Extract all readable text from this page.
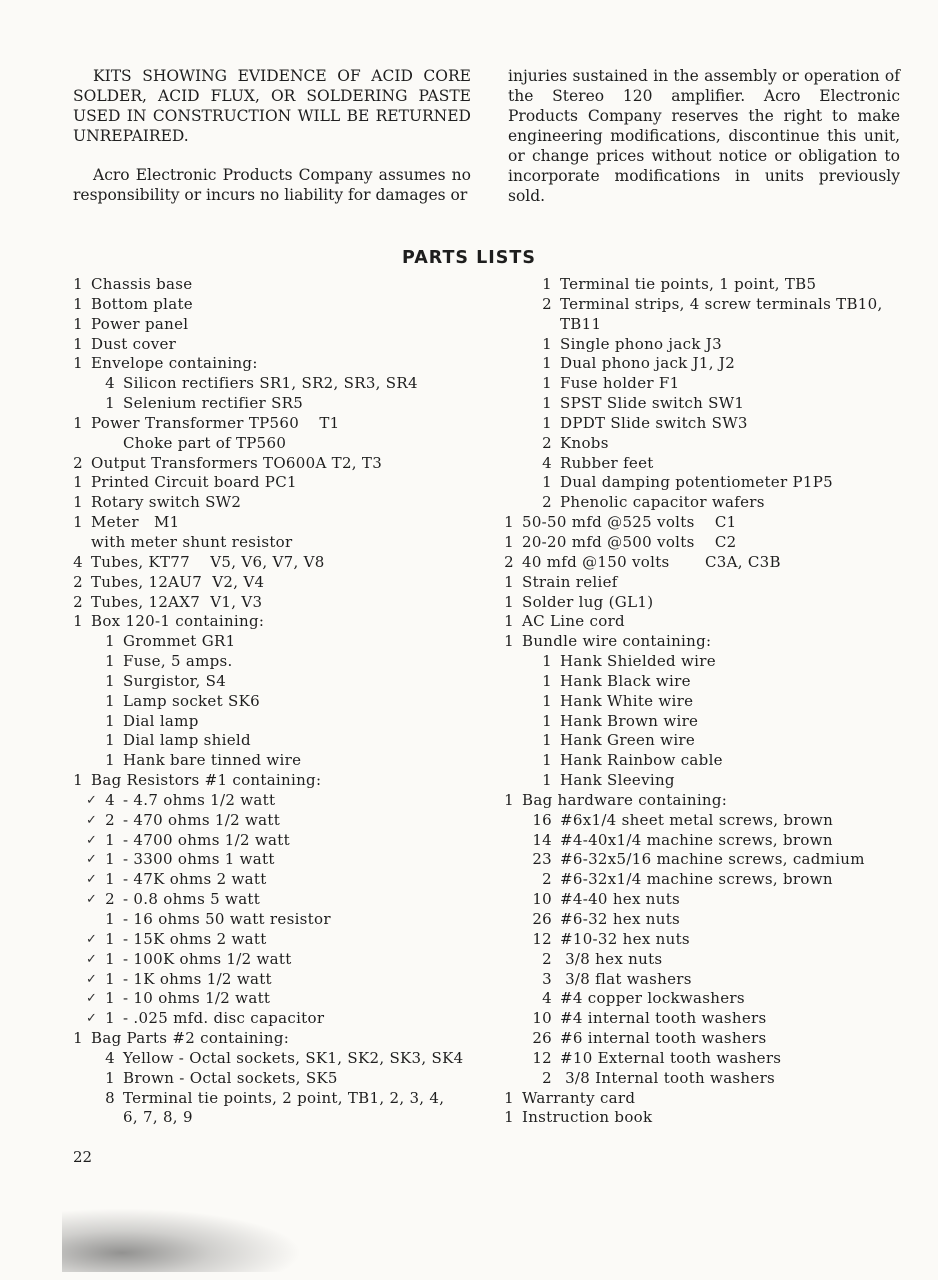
KITS SHOWING EVIDENCE OF ACID CORE SOLDER, ACID FLUX, OR SOLDERING PASTE USED IN CONSTRUCTION WILL BE RETURNED UNREPAIRED.

Acro Electronic Products Company assumes no responsibility or incurs no liability for damages or

injuries sustained in the assembly or operation of the Stereo 120 amplifier. Acro Electronic Products Company reserves the right to make engineering modifications, discontinue this unit, or change prices without notice or obligation to incorporate modifications in units previously sold.

PARTS LISTS
1 Chassis base
1 Bottom plate
1 Power panel
1 Dust cover
1 Envelope containing:
4 Silicon rectifiers SR1, SR2, SR3, SR4
1 Selenium rectifier SR5
1 Power Transformer TP560    T1
Choke part of TP560
2 Output Transformers TO600A T2, T3
1 Printed Circuit board PC1
1 Rotary switch SW2
1 Meter   M1
with meter shunt resistor
4 Tubes, KT77    V5, V6, V7, V8
2 Tubes, 12AU7  V2, V4
2 Tubes, 12AX7  V1, V3
1 Box 120-1 containing:
1 Grommet GR1
1 Fuse, 5 amps.
1 Surgistor, S4
1 Lamp socket SK6
1 Dial lamp
1 Dial lamp shield
1 Hank bare tinned wire
1 Bag Resistors #1 containing:
✓ 4 - 4.7 ohms 1/2 watt
✓ 2 - 470 ohms 1/2 watt
✓ 1 - 4700 ohms 1/2 watt
✓ 1 - 3300 ohms 1 watt
✓ 1 - 47K ohms 2 watt
✓ 2 - 0.8 ohms 5 watt
1 - 16 ohms 50 watt resistor
✓ 1 - 15K ohms 2 watt
✓ 1 - 100K ohms 1/2 watt
✓ 1 - 1K ohms 1/2 watt
✓ 1 - 10 ohms 1/2 watt
✓ 1 - .025 mfd. disc capacitor
1 Bag Parts #2 containing:
4 Yellow - Octal sockets, SK1, SK2, SK3, SK4
1 Brown - Octal sockets, SK5
8 Terminal tie points, 2 point, TB1, 2, 3, 4,
6, 7, 8, 9
1 Terminal tie points, 1 point, TB5
2 Terminal strips, 4 screw terminals TB10,
TB11
1 Single phono jack J3
1 Dual phono jack J1, J2
1 Fuse holder F1
1 SPST Slide switch SW1
1 DPDT Slide switch SW3
2 Knobs
4 Rubber feet
1 Dual damping potentiometer P1P5
2 Phenolic capacitor wafers
1 50-50 mfd @525 volts    C1
1 20-20 mfd @500 volts    C2
2 40 mfd @150 volts       C3A, C3B
1 Strain relief
1 Solder lug (GL1)
1 AC Line cord
1 Bundle wire containing:
1 Hank Shielded wire
1 Hank Black wire
1 Hank White wire
1 Hank Brown wire
1 Hank Green wire
1 Hank Rainbow cable
1 Hank Sleeving
1 Bag hardware containing:
16 #6x1/4 sheet metal screws, brown
14 #4-40x1/4 machine screws, brown
23 #6-32x5/16 machine screws, cadmium
2 #6-32x1/4 machine screws, brown
10 #4-40 hex nuts
26 #6-32 hex nuts
12 #10-32 hex nuts
2 3/8 hex nuts
3 3/8 flat washers
4 #4 copper lockwashers
10 #4 internal tooth washers
26 #6 internal tooth washers
12 #10 External tooth washers
2 3/8 Internal tooth washers
1 Warranty card
1 Instruction book
22
